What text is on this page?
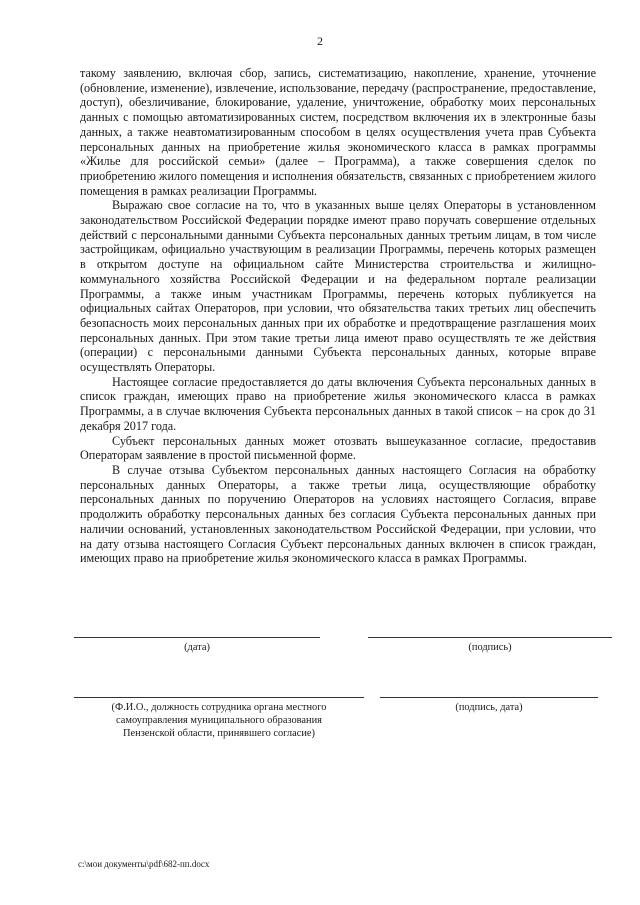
2

такому заявлению, включая сбор, запись, систематизацию, накопление, хранение, уточнение (обновление, изменение), извлечение, использование, передачу (распространение, предоставление, доступ), обезличивание, блокирование, удаление, уничтожение, обработку моих персональных данных с помощью автоматизированных систем, посредством включения их в электронные базы данных, а также неавтоматизированным способом в целях осуществления учета прав Субъекта персональных данных на приобретение жилья экономического класса в рамках программы «Жилье для российской семьи» (далее – Программа), а также совершения сделок по приобретению жилого помещения и исполнения обязательств, связанных с приобретением жилого помещения в рамках реализации Программы.

Выражаю свое согласие на то, что в указанных выше целях Операторы в установленном законодательством Российской Федерации порядке имеют право поручать совершение отдельных действий с персональными данными Субъекта персональных данных третьим лицам, в том числе застройщикам, официально участвующим в реализации Программы, перечень которых размещен в открытом доступе на официальном сайте Министерства строительства и жилищно-коммунального хозяйства Российской Федерации и на федеральном портале реализации Программы, а также иным участникам Программы, перечень которых публикуется на официальных сайтах Операторов, при условии, что обязательства таких третьих лиц обеспечить безопасность моих персональных данных при их обработке и предотвращение разглашения моих персональных данных. При этом такие третьи лица имеют право осуществлять те же действия (операции) с персональными данными Субъекта персональных данных, которые вправе осуществлять Операторы.

Настоящее согласие предоставляется до даты включения Субъекта персональных данных в список граждан, имеющих право на приобретение жилья экономического класса в рамках Программы, а в случае включения Субъекта персональных данных в такой список – на срок до 31 декабря 2017 года.

Субъект персональных данных может отозвать вышеуказанное согласие, предоставив Операторам заявление в простой письменной форме.

В случае отзыва Субъектом персональных данных настоящего Согласия на обработку персональных данных Операторы, а также третьи лица, осуществляющие обработку персональных данных по поручению Операторов на условиях настоящего Согласия, вправе продолжить обработку персональных данных без согласия Субъекта персональных данных при наличии оснований, установленных законодательством Российской Федерации, при условии, что на дату отзыва настоящего Согласия Субъект персональных данных включен в список граждан, имеющих право на приобретение жилья экономического класса в рамках Программы.

(дата)	(подпись)
(Ф.И.О., должность сотрудника органа местного самоуправления муниципального образования Пензенской области, принявшего согласие)
(подпись, дата)
c:\мои документы\pdf\682-пп.docx
